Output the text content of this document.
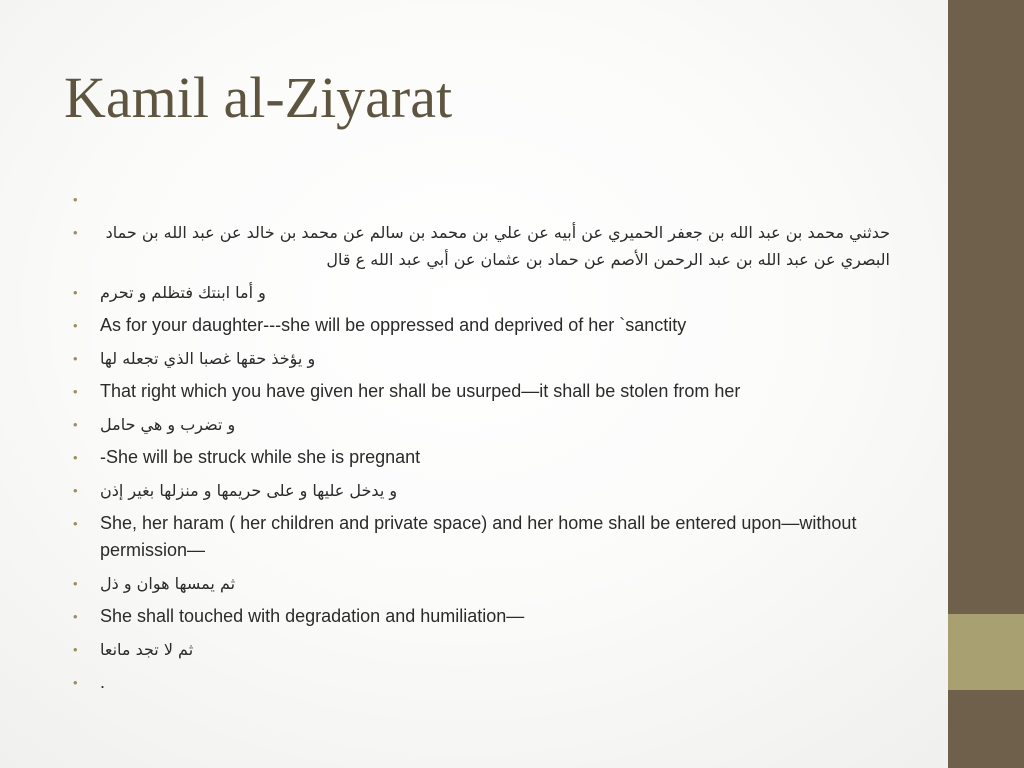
Kamil al-Ziyarat
•

•	حدثني محمد بن عبد الله بن جعفر الحميري عن أبيه عن علي بن محمد بن سالم عن محمد بن خالد عن عبد الله بن حماد البصري عن عبد الله بن عبد الرحمن الأصم عن حماد بن عثمان عن أبي عبد الله ع قال
• و أما ابنتك فتظلم و تحرم
• As for your daughter---she will be oppressed and deprived of her `sanctity
• و يؤخذ حقها غصبا الذي تجعله لها
• That right which you have given her shall be usurped—it shall be stolen from her
• و تضرب و هي حامل
• -She will be struck while she is pregnant
• و يدخل عليها و على حريمها و منزلها بغير إذن
• She, her haram ( her children and private space) and her home shall be entered upon—without permission—
• ثم يمسها هوان و ذل
• She shall touched with degradation and humiliation—
• ثم لا تجد مانعا
• .
